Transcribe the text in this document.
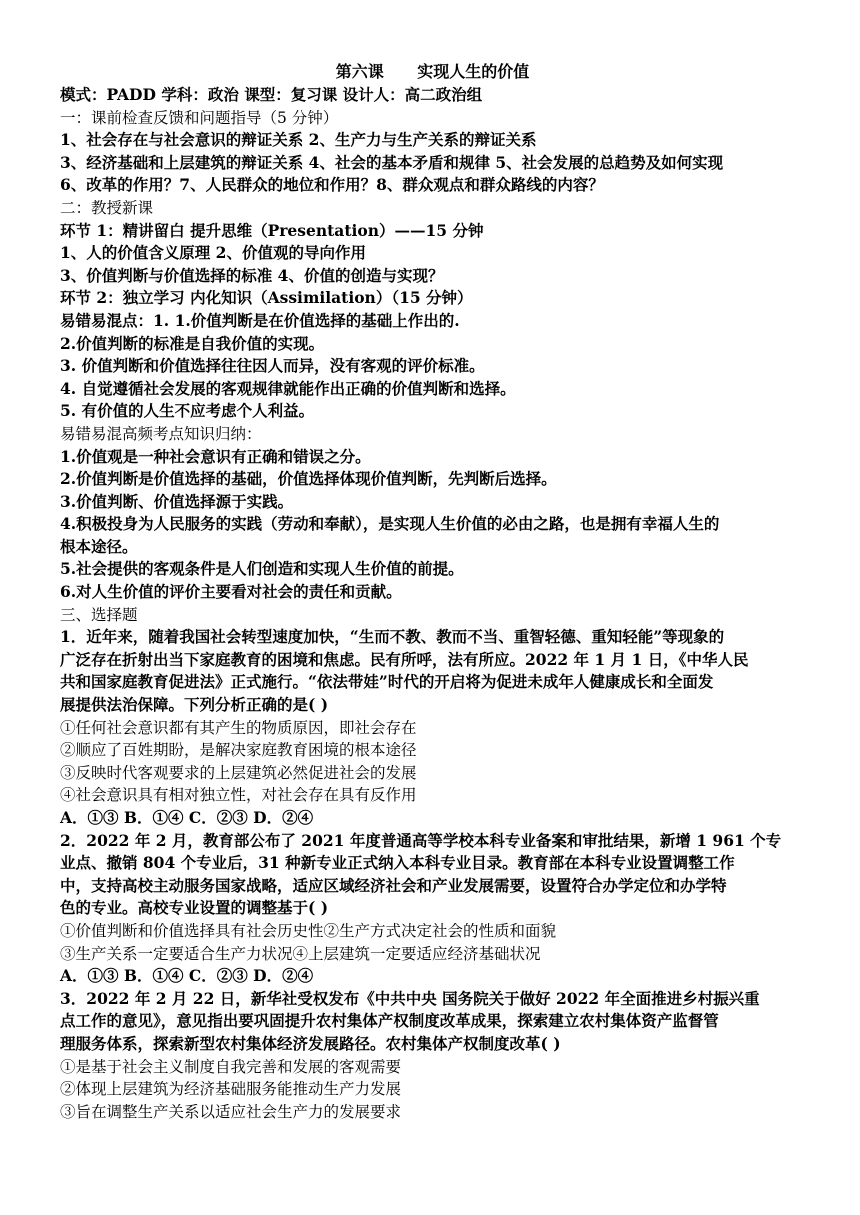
第六课      实现人生的价值
模式：PADD 学科：政治 课型：复习课 设计人：高二政治组
一：课前检查反馈和问题指导（5 分钟）
1、社会存在与社会意识的辩证关系 2、生产力与生产关系的辩证关系
3、经济基础和上层建筑的辩证关系 4、社会的基本矛盾和规律 5、社会发展的总趋势及如何实现
6、改革的作用？7、人民群众的地位和作用？8、群众观点和群众路线的内容？
二：教授新课
环节 1：精讲留白 提升思维（Presentation）——15 分钟
1、人的价值含义原理 2、价值观的导向作用
3、价值判断与价值选择的标准 4、价值的创造与实现？
环节 2：独立学习 内化知识（Assimilation）（15 分钟）
易错易混点：1. 1.价值判断是在价值选择的基础上作出的.
2.价值判断的标准是自我价值的实现。
3. 价值判断和价值选择往往因人而异，没有客观的评价标准。
4. 自觉遵循社会发展的客观规律就能作出正确的价值判断和选择。
5. 有价值的人生不应考虑个人利益。
易错易混高频考点知识归纳：
1.价值观是一种社会意识有正确和错误之分。
2.价值判断是价值选择的基础，价值选择体现价值判断，先判断后选择。
3.价值判断、价值选择源于实践。
4.积极投身为人民服务的实践（劳动和奉献），是实现人生价值的必由之路，也是拥有幸福人生的
根本途径。
5.社会提供的客观条件是人们创造和实现人生价值的前提。
6.对人生价值的评价主要看对社会的责任和贡献。
三、选择题
1．近年来，随着我国社会转型速度加快，“生而不教、教而不当、重智轻德、重知轻能”等现象的
广泛存在折射出当下家庭教育的困境和焦虑。民有所呼，法有所应。2022 年 1 月 1 日，《中华人民
共和国家庭教育促进法》正式施行。“依法带娃”时代的开启将为促进未成年人健康成长和全面发
展提供法治保障。下列分析正确的是( )
①任何社会意识都有其产生的物质原因，即社会存在
②顺应了百姓期盼，是解决家庭教育困境的根本途径
③反映时代客观要求的上层建筑必然促进社会的发展
④社会意识具有相对独立性，对社会存在具有反作用
A．①③ B．①④ C．②③ D．②④
2．2022 年 2 月，教育部公布了 2021 年度普通高等学校本科专业备案和审批结果，新增 1 961 个专
业点、撤销 804 个专业后，31 种新专业正式纳入本科专业目录。教育部在本科专业设置调整工作
中，支持高校主动服务国家战略，适应区域经济社会和产业发展需要，设置符合办学定位和办学特
色的专业。高校专业设置的调整基于( )
①价值判断和价值选择具有社会历史性②生产方式决定社会的性质和面貌
③生产关系一定要适合生产力状况④上层建筑一定要适应经济基础状况
A．①③ B．①④ C．②③ D．②④
3．2022 年 2 月 22 日，新华社受权发布《中共中央 国务院关于做好 2022 年全面推进乡村振兴重
点工作的意见》，意见指出要巩固提升农村集体产权制度改革成果，探索建立农村集体资产监督管
理服务体系，探索新型农村集体经济发展路径。农村集体产权制度改革( )
①是基于社会主义制度自我完善和发展的客观需要
②体现上层建筑为经济基础服务能推动生产力发展
③旨在调整生产关系以适应社会生产力的发展要求
